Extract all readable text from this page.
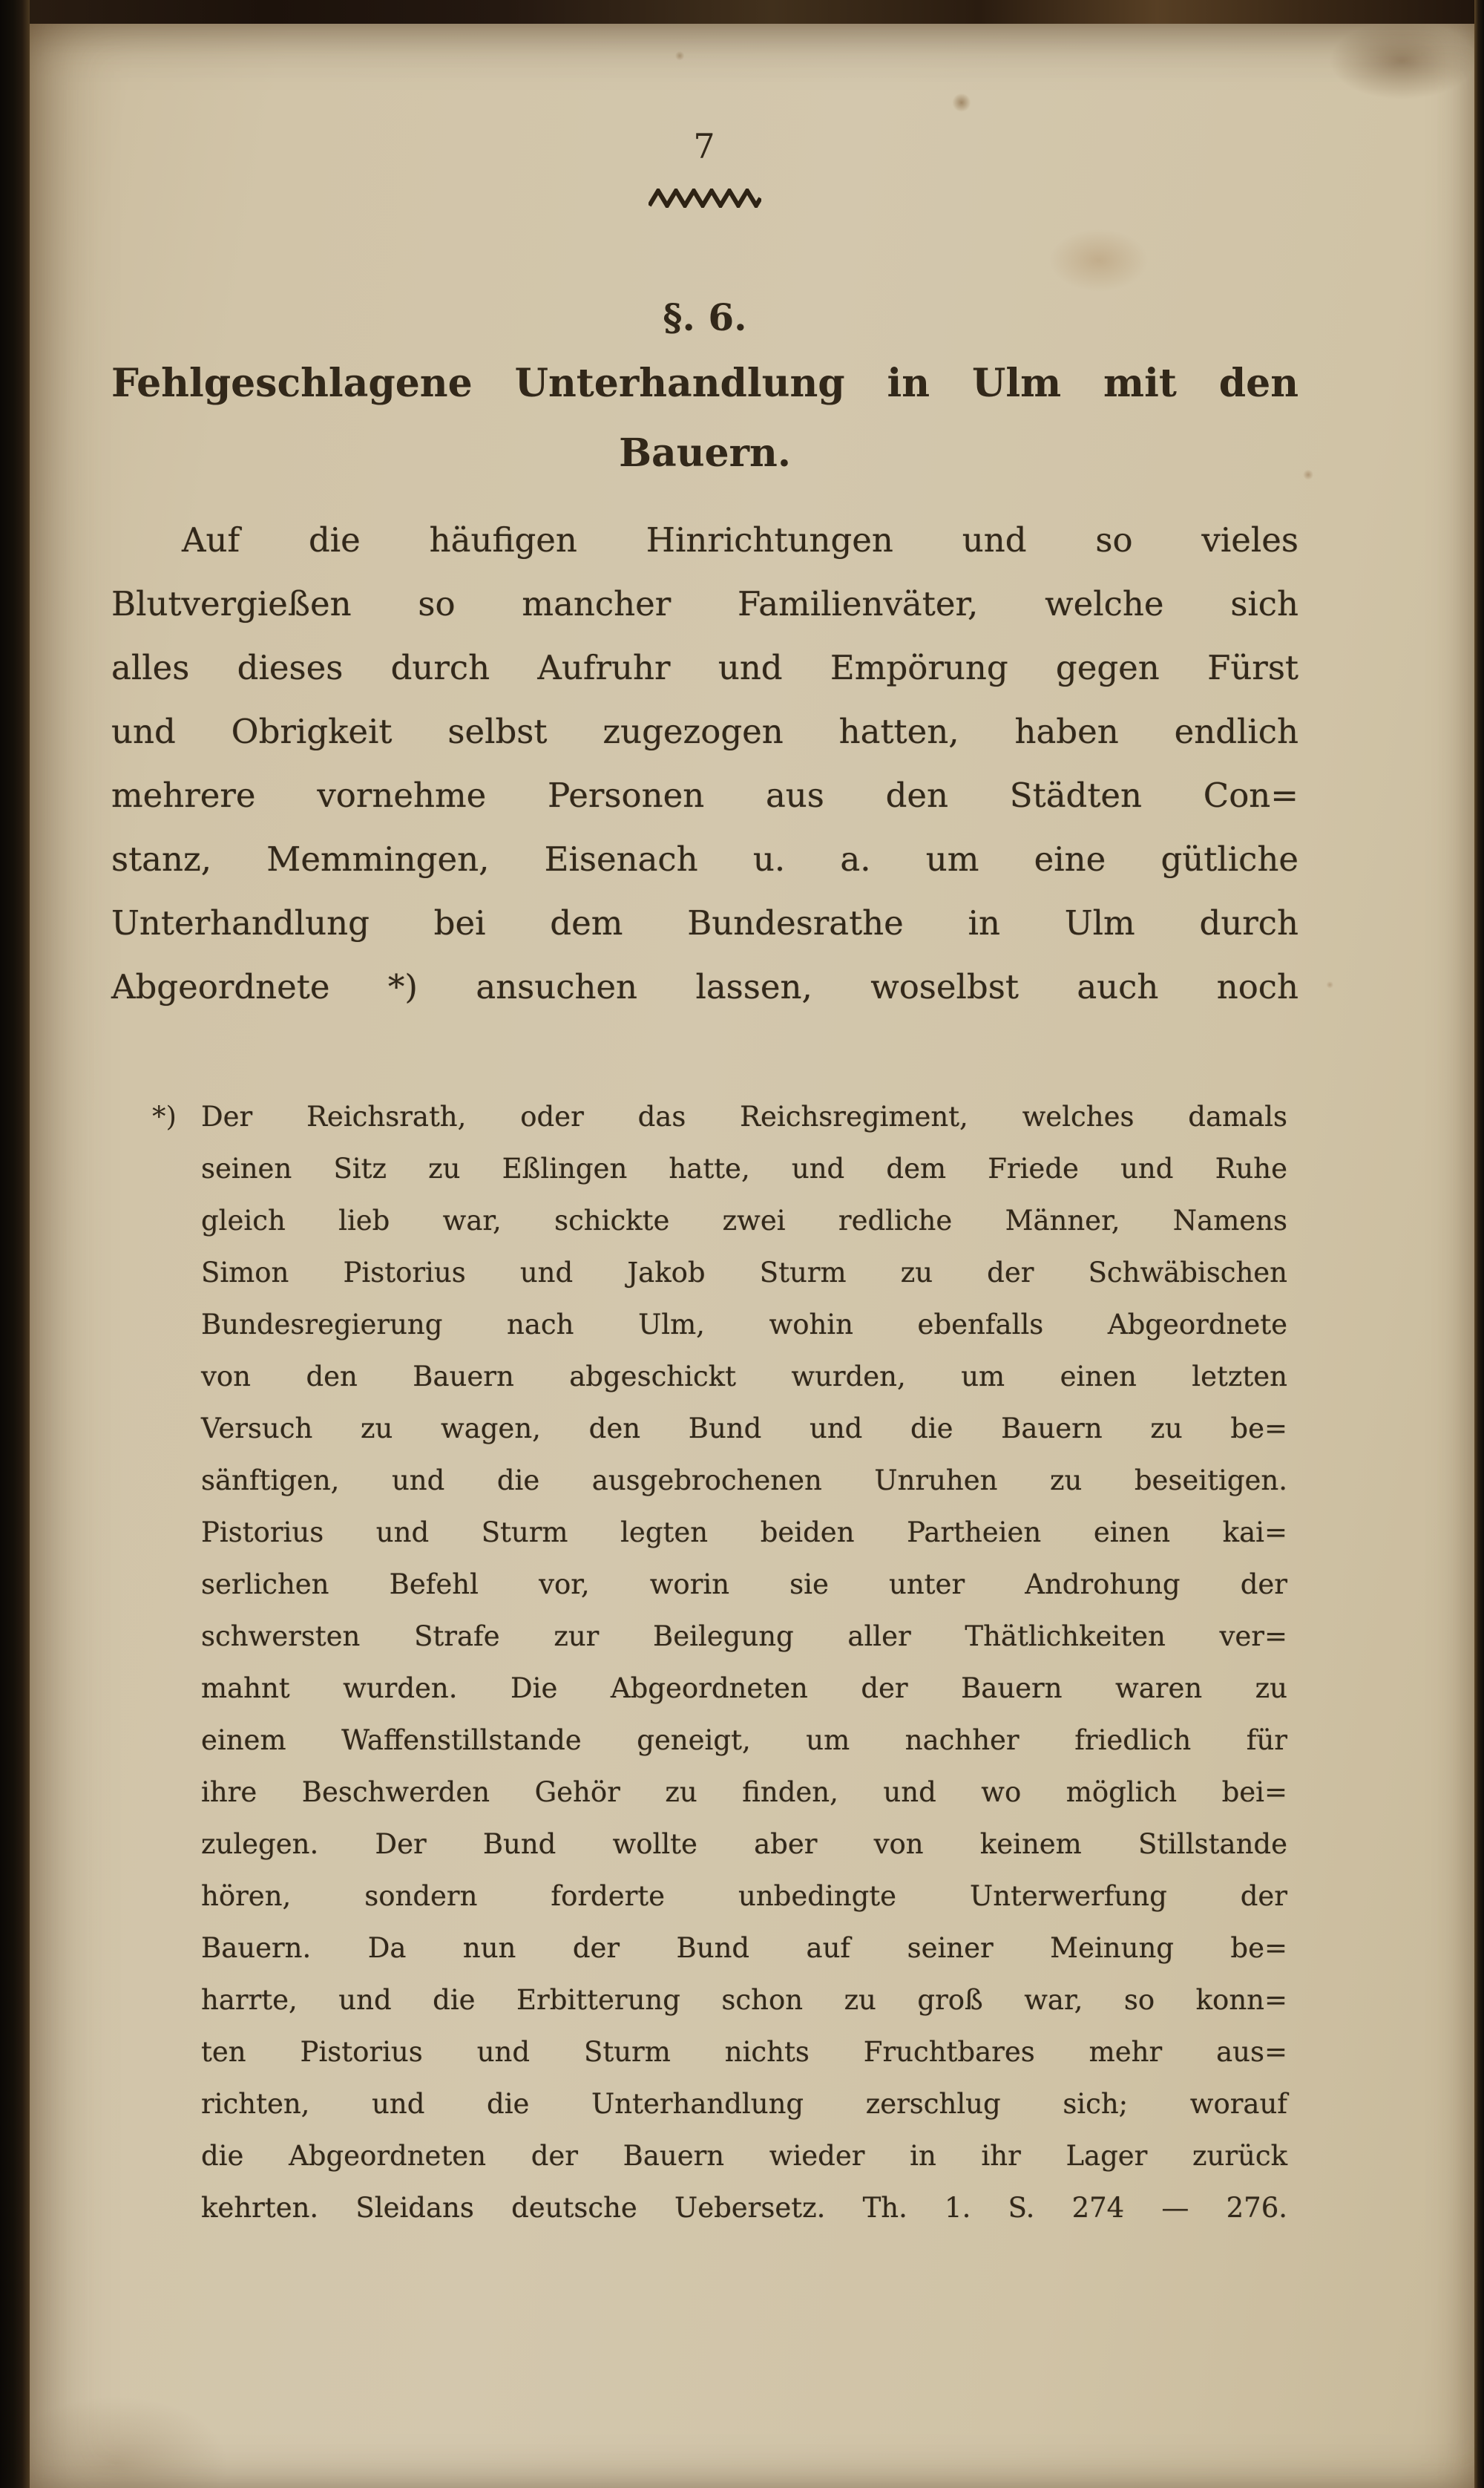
7
§. 6.
Fehlgeschlagene Unterhandlung in Ulm mit den
Bauern.
Auf die häufigen Hinrichtungen und so vieles
Blutvergießen so mancher Familienväter, welche sich
alles dieses durch Aufruhr und Empörung gegen Fürst
und Obrigkeit selbst zugezogen hatten, haben endlich
mehrere vornehme Personen aus den Städten Con=
stanz, Memmingen, Eisenach u. a. um eine gütliche
Unterhandlung bei dem Bundesrathe in Ulm durch
Abgeordnete *) ansuchen lassen, woselbst auch noch
*) Der Reichsrath, oder das Reichsregiment, welches damals
seinen Sitz zu Eßlingen hatte, und dem Friede und Ruhe
gleich lieb war, schickte zwei redliche Männer, Namens
Simon Pistorius und Jakob Sturm zu der Schwäbischen
Bundesregierung nach Ulm, wohin ebenfalls Abgeordnete
von den Bauern abgeschickt wurden, um einen letzten
Versuch zu wagen, den Bund und die Bauern zu be=
sänftigen, und die ausgebrochenen Unruhen zu beseitigen.
Pistorius und Sturm legten beiden Partheien einen kai=
serlichen Befehl vor, worin sie unter Androhung der
schwersten Strafe zur Beilegung aller Thätlichkeiten ver=
mahnt wurden. Die Abgeordneten der Bauern waren zu
einem Waffenstillstande geneigt, um nachher friedlich für
ihre Beschwerden Gehör zu finden, und wo möglich bei=
zulegen. Der Bund wollte aber von keinem Stillstande
hören, sondern forderte unbedingte Unterwerfung der
Bauern. Da nun der Bund auf seiner Meinung be=
harrte, und die Erbitterung schon zu groß war, so konn=
ten Pistorius und Sturm nichts Fruchtbares mehr aus=
richten, und die Unterhandlung zerschlug sich; worauf
die Abgeordneten der Bauern wieder in ihr Lager zurück
kehrten. Sleidans deutsche Uebersetz. Th. 1. S. 274 — 276.
